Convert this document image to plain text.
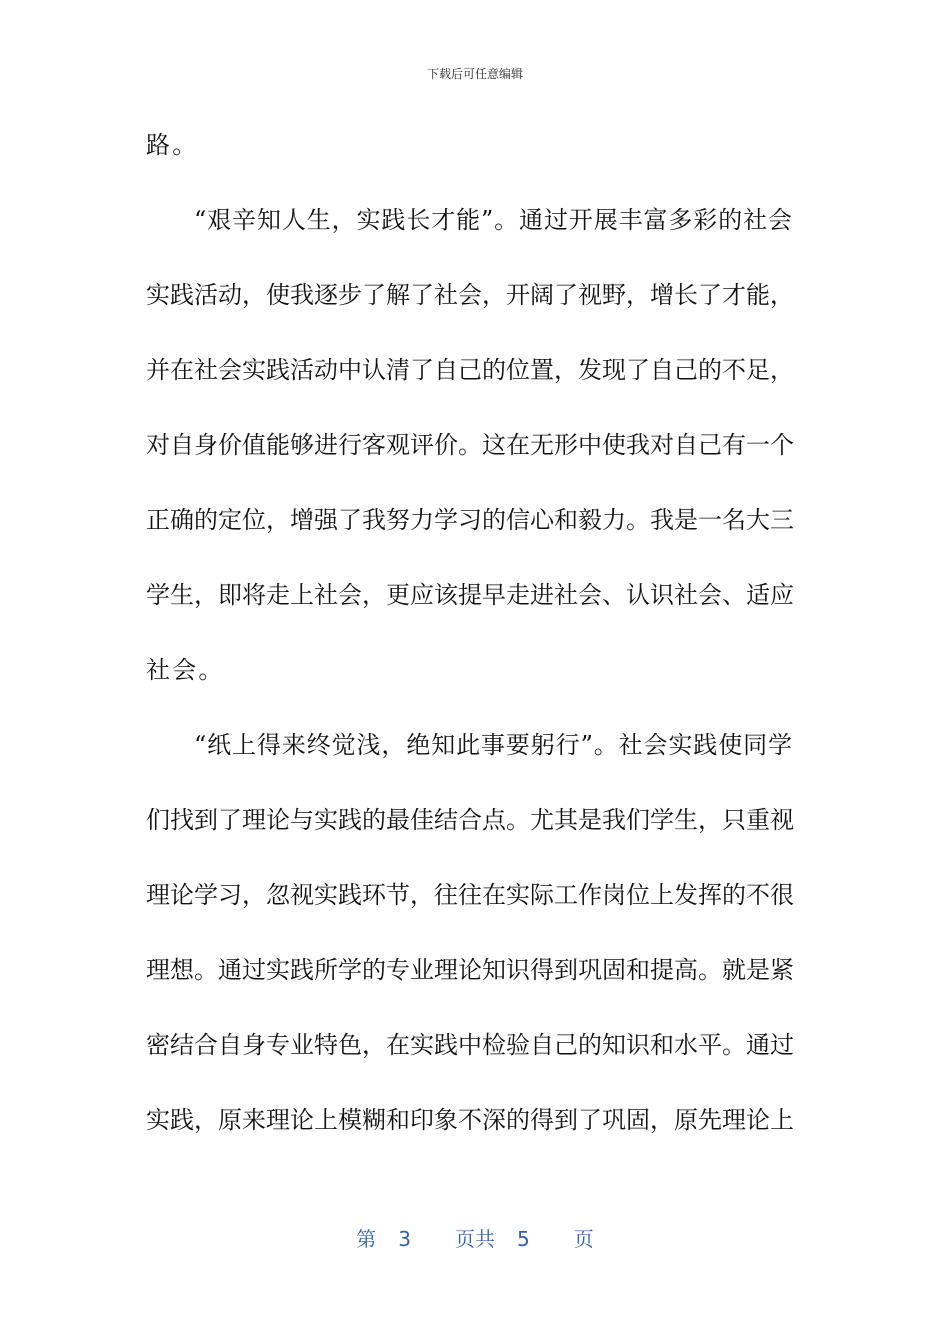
下载后可任意编辑
路。
“艰辛知人生，实践长才能”。通过开展丰富多彩的社会
实践活动，使我逐步了解了社会，开阔了视野，增长了才能，
并在社会实践活动中认清了自己的位置，发现了自己的不足，
对自身价值能够进行客观评价。这在无形中使我对自己有一个
正确的定位，增强了我努力学习的信心和毅力。我是一名大三
学生，即将走上社会，更应该提早走进社会、认识社会、适应
社会。
“纸上得来终觉浅，绝知此事要躬行”。社会实践使同学
们找到了理论与实践的最佳结合点。尤其是我们学生，只重视
理论学习，忽视实践环节，往往在实际工作岗位上发挥的不很
理想。通过实践所学的专业理论知识得到巩固和提高。就是紧
密结合自身专业特色，在实践中检验自己的知识和水平。通过
实践，原来理论上模糊和印象不深的得到了巩固，原先理论上
第 3 页共 5 页
